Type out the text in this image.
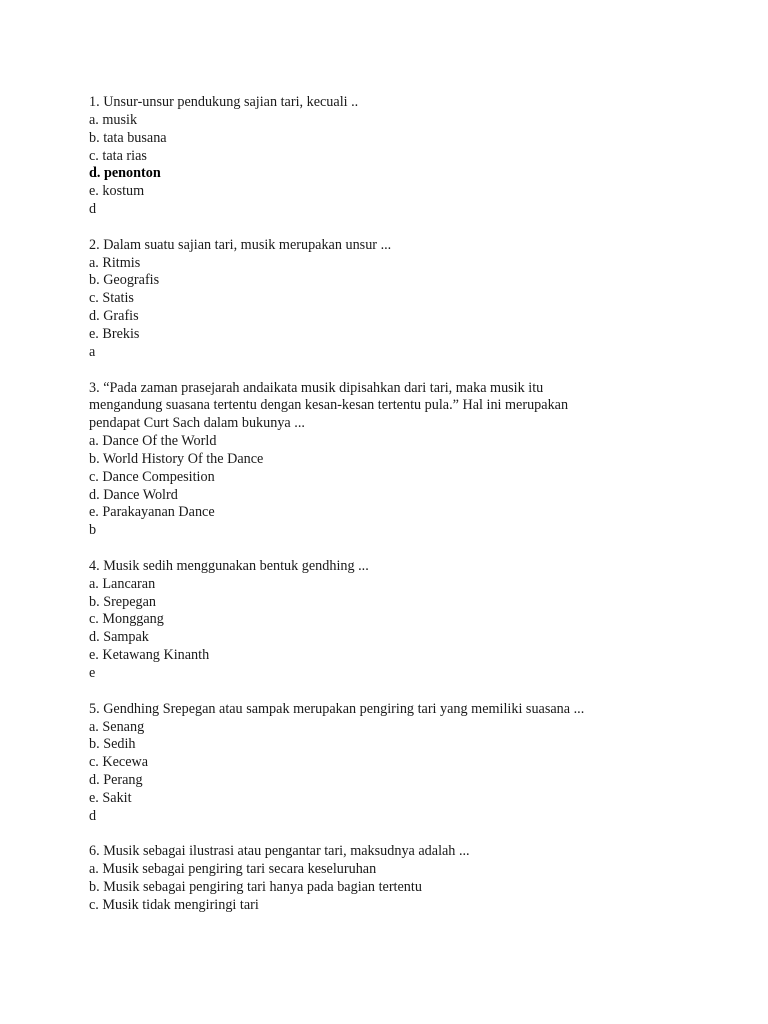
1. Unsur-unsur pendukung sajian tari, kecuali ..
a. musik
b. tata busana
c. tata rias
d. penonton
e. kostum
d
2. Dalam suatu sajian tari, musik merupakan unsur ...
a. Ritmis
b. Geografis
c. Statis
d. Grafis
e. Brekis
a
3. “Pada zaman prasejarah andaikata musik dipisahkan dari tari, maka musik itu
mengandung suasana tertentu dengan kesan-kesan tertentu pula.” Hal ini merupakan
pendapat Curt Sach dalam bukunya ...
a. Dance Of the World
b. World History Of the Dance
c. Dance Compesition
d. Dance Wolrd
e. Parakayanan Dance
b
4. Musik sedih menggunakan bentuk gendhing ...
a. Lancaran
b. Srepegan
c. Monggang
d. Sampak
e. Ketawang Kinanth
e
5. Gendhing Srepegan atau sampak merupakan pengiring tari yang memiliki suasana ...
a. Senang
b. Sedih
c. Kecewa
d. Perang
e. Sakit
d
6. Musik sebagai ilustrasi atau pengantar tari, maksudnya adalah ...
a. Musik sebagai pengiring tari secara keseluruhan
b. Musik sebagai pengiring tari hanya pada bagian tertentu
c. Musik tidak mengiringi tari
